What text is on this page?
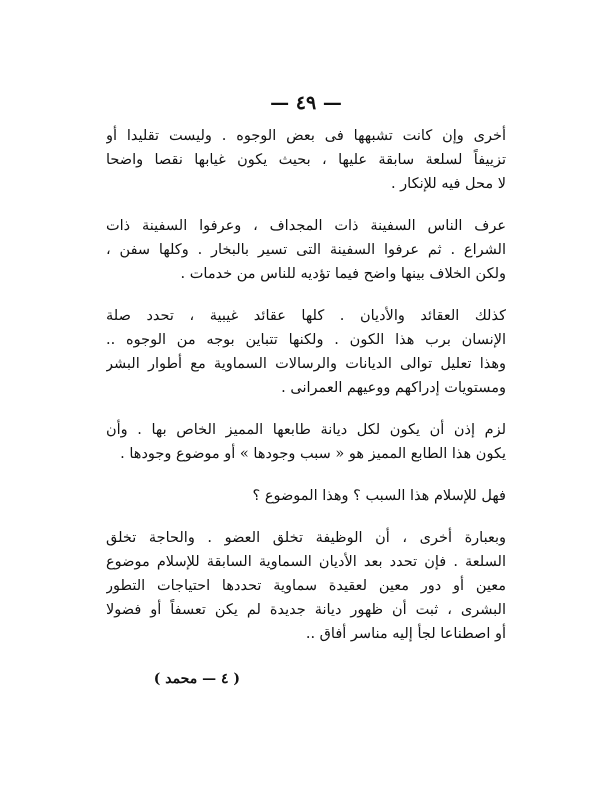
— ٤٩ —
أخرى وإن كانت تشبهها فى بعض الوجوه . وليست تقليدا أو
تزييفاً لسلعة سابقة عليها ، بحيث يكون غيابها نقصا واضحا
لا محل فيه للإنكار .
عرف الناس السفينة ذات المجداف ، وعرفوا السفينة ذات
الشراع . ثم عرفوا السفينة التى تسير بالبخار . وكلها سفن ،
ولكن الخلاف بينها واضح فيما تؤديه للناس من خدمات .
كذلك العقائد والأديان . كلها عقائد غيبية ، تحدد صلة
الإنسان برب هذا الكون . ولكنها تتباين بوجه من الوجوه ..
وهذا تعليل توالى الديانات والرسالات السماوية مع أطوار البشر
ومستويات إدراكهم ووعيهم العمرانى .
لزم إذن أن يكون لكل ديانة طابعها المميز الخاص بها . وأن
يكون هذا الطابع المميز هو « سبب وجودها » أو موضوع وجودها .
فهل للإسلام هذا السبب ؟ وهذا الموضوع ؟
وبعبارة أخرى ، أن الوظيفة تخلق العضو . والحاجة تخلق
السلعة . فإن تحدد بعد الأديان السماوية السابقة للإسلام موضوع
معين أو دور معين لعقيدة سماوية تحددها احتياجات التطور
البشرى ، ثبت أن ظهور ديانة جديدة لم يكن تعسفاً أو فضولا
أو اصطناعا لجأ إليه مناسر أفاق ..
( ٤ — محمد )
